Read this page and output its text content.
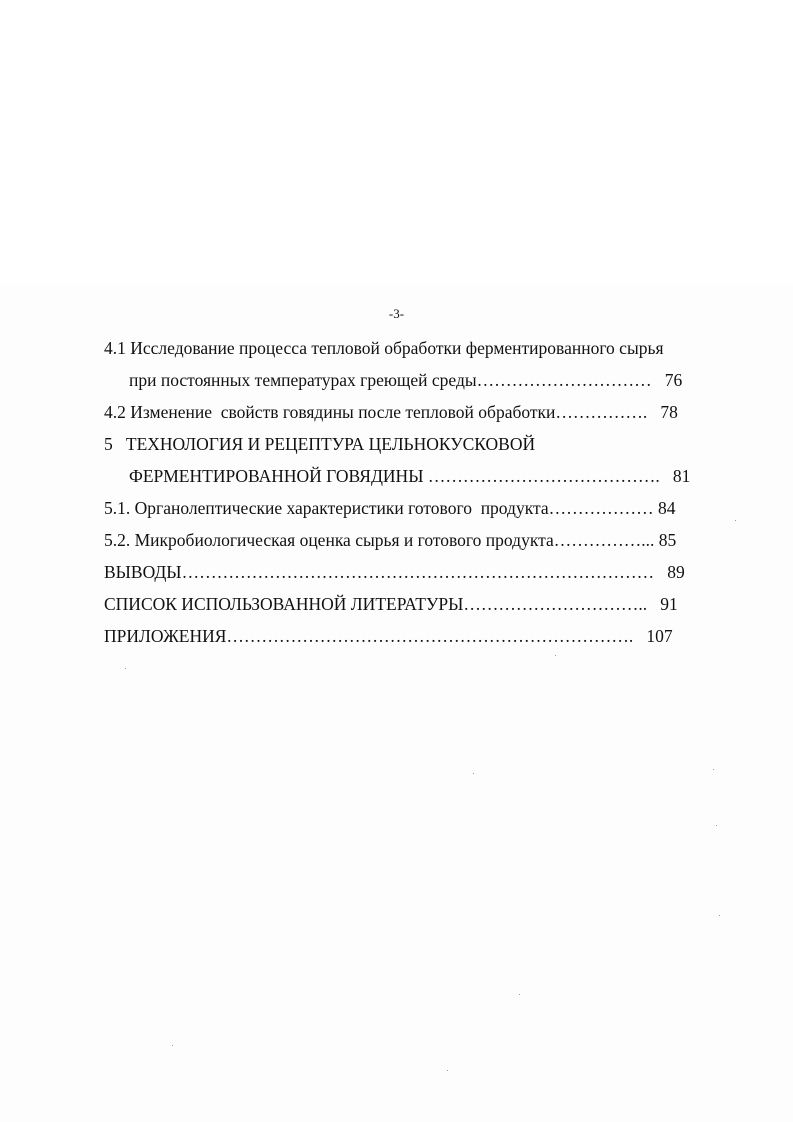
-3-
4.1 Исследование процесса тепловой обработки ферментированного сырья
при постоянных температурах греющей среды…………………………   76
4.2 Изменение  свойств говядины после тепловой обработки…………….   78
5   ТЕХНОЛОГИЯ И РЕЦЕПТУРА ЦЕЛЬНОКУСКОВОЙ
ФЕРМЕНТИРОВАННОЙ ГОВЯДИНЫ ………………………………….   81
5.1. Органолептические характеристики готового  продукта……………… 84
5.2. Микробиологическая оценка сырья и готового продукта……………... 85
ВЫВОДЫ………………………………………………………………………   89
СПИСОК ИСПОЛЬЗОВАННОЙ ЛИТЕРАТУРЫ…………………………..   91
ПРИЛОЖЕНИЯ…………………………………………………………….   107
